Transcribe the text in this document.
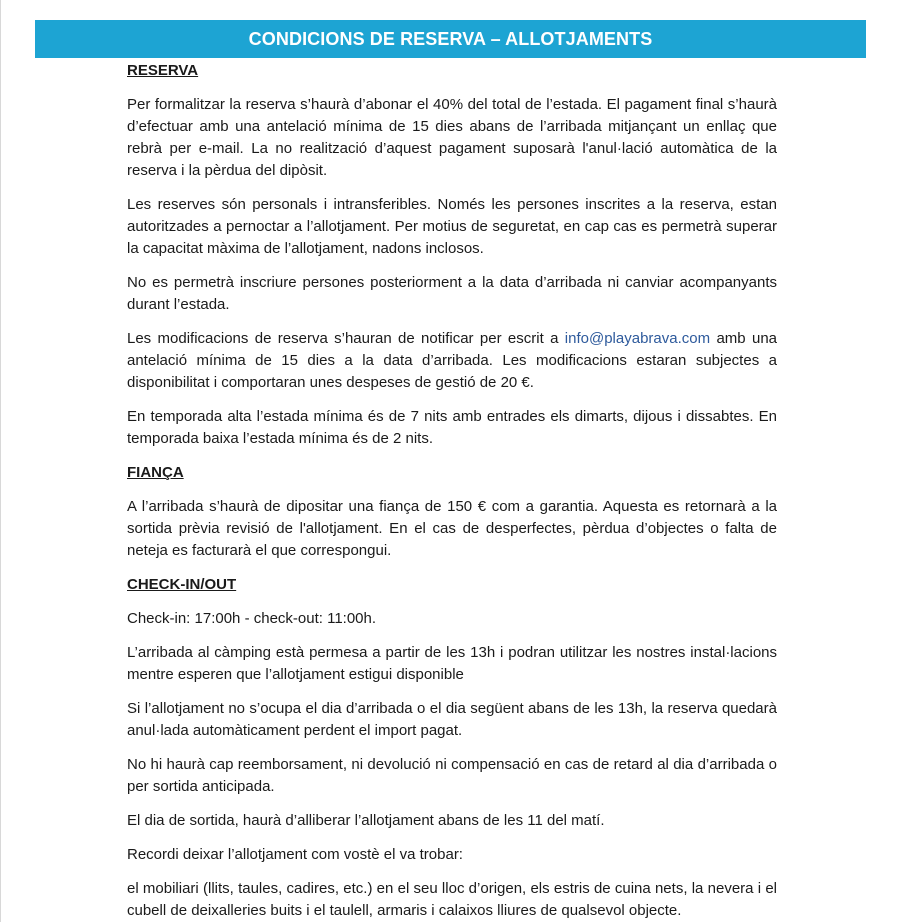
CONDICIONS DE RESERVA – ALLOTJAMENTS
RESERVA

Per formalitzar la reserva s’haurà d’abonar el 40% del total de l’estada. El pagament final s’haurà d’efectuar amb una antelació mínima de 15 dies abans de l’arribada mitjançant un enllaç que rebrà per e-mail. La no realització d’aquest pagament suposarà l'anul·lació automàtica de la reserva i la pèrdua del dipòsit.

Les reserves són personals i intransferibles. Només les persones inscrites a la reserva, estan autoritzades a pernoctar a l’allotjament. Per motius de seguretat, en cap cas es permetrà superar la capacitat màxima de l’allotjament, nadons inclosos.

No es permetrà inscriure persones posteriorment a la data d’arribada ni canviar acompanyants durant l’estada.

Les modificacions de reserva s’hauran de notificar per escrit a info@playabrava.com amb una antelació mínima de 15 dies a la data d’arribada. Les modificacions estaran subjectes a disponibilitat i comportaran unes despeses de gestió de 20 €.

En temporada alta l’estada mínima és de 7 nits amb entrades els dimarts, dijous i dissabtes. En temporada baixa l’estada mínima és de 2 nits.

FIANÇA

A l’arribada s’haurà de dipositar una fiança de 150 € com a garantia. Aquesta es retornarà a la sortida prèvia revisió de l'allotjament. En el cas de desperfectes, pèrdua d’objectes o falta de neteja es facturarà el que correspongui.

CHECK-IN/OUT

Check-in: 17:00h - check-out: 11:00h.

L’arribada al càmping està permesa a partir de les 13h i podran utilitzar les nostres instal·lacions mentre esperen que l’allotjament estigui disponible

Si l’allotjament no s’ocupa el dia d’arribada o el dia següent abans de les 13h, la reserva quedarà anul·lada automàticament perdent el import pagat.

No hi haurà cap reemborsament, ni devolució ni compensació en cas de retard al dia d’arribada o per sortida anticipada.

El dia de sortida, haurà d’alliberar l’allotjament abans de les 11 del matí.

Recordi deixar l’allotjament com vostè el va trobar:

el mobiliari (llits, taules, cadires, etc.) en el seu lloc d’origen, els estris de cuina nets, la nevera i el cubell de deixalleries buits i el taulell, armaris i calaixos lliures de qualsevol objecte.
